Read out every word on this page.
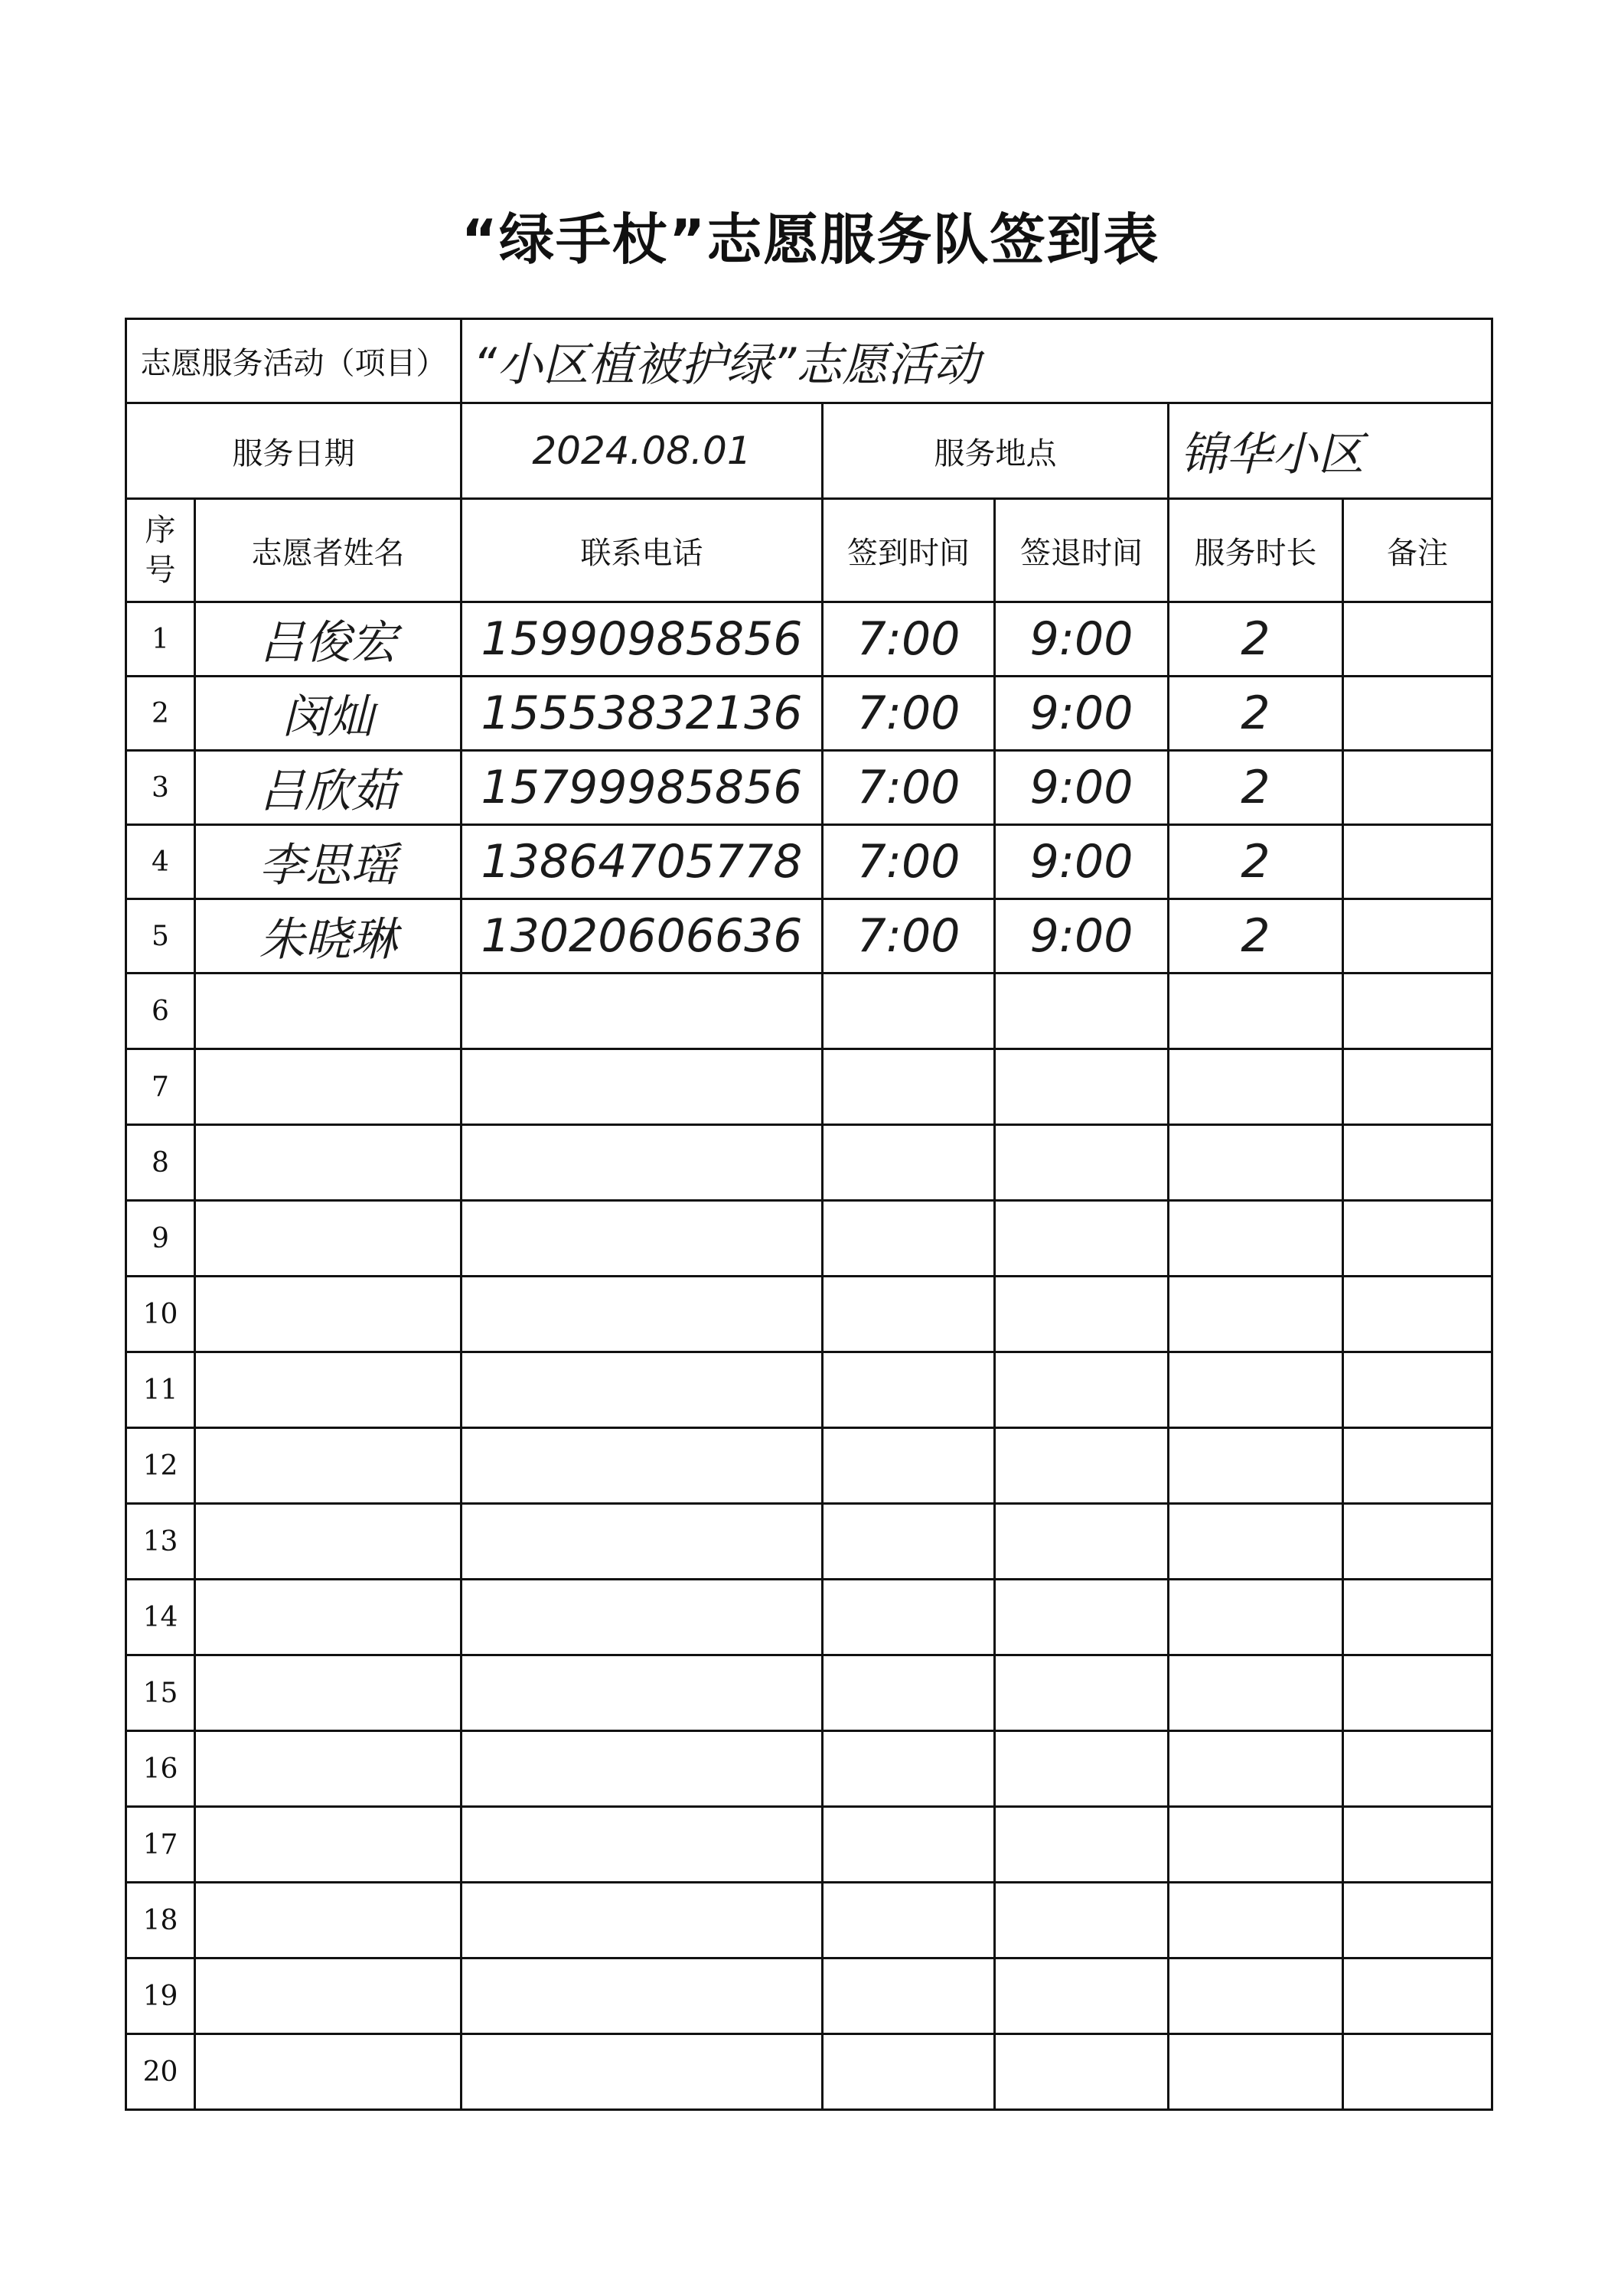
“绿手杖”志愿服务队签到表
志愿服务活动（项目）		“小区植被护绿”志愿活动				
服务日期		2024.08.01	服务地点		锦华小区	
序
号	志愿者姓名	联系电话	签到时间	签退时间	服务时长	备注
1	吕俊宏	15990985856	7:00	9:00	2	
2	闵灿	15553832136	7:00	9:00	2	
3	吕欣茹	15799985856	7:00	9:00	2	
4	李思瑶	13864705778	7:00	9:00	2	
5	朱晓琳	13020606636	7:00	9:00	2	
6						
7						
8						
9						
10						
11						
12						
13						
14						
15						
16						
17						
18						
19						
20						
